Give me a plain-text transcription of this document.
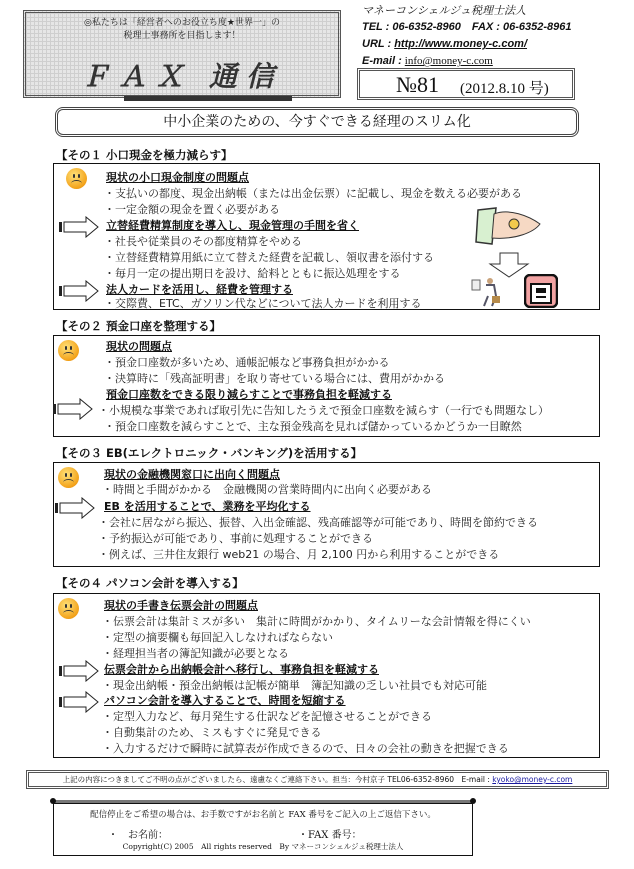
◎私たちは「経営者へのお役立ち度★世界一」の
税理士事務所を目指します！
ＦＡＸ 通信
マネーコンシェルジュ税理士法人
TEL : 06-6352-8960　FAX : 06-6352-8961
URL : http://www.money-c.com/
E-mail : info@money-c.com
№81 (2012.8.10 号)
中小企業のための、今すぐできる経理のスリム化
【その１ 小口現金を極力減らす】
現状の小口現金制度の問題点
・支払いの都度、現金出納帳（または出金伝票）に記載し、現金を数える必要がある
・一定金額の現金を置く必要がある
立替経費精算制度を導入し、現金管理の手間を省く
・社長や従業員のその都度精算をやめる
・立替経費精算用紙に立て替えた経費を記載し、領収書を添付する
・毎月一定の提出期日を設け、給料とともに振込処理をする
法人カードを活用し、経費を管理する
・交際費、ETC、ガソリン代などについて法人カードを利用する
【その２ 預金口座を整理する】
現状の問題点
・預金口座数が多いため、通帳記帳など事務負担がかかる
・決算時に「残高証明書」を取り寄せている場合には、費用がかかる
預金口座数をできる限り減らすことで事務負担を軽減する
・小規模な事業であれば取引先に告知したうえで預金口座数を減らす（一行でも問題なし）
・預金口座数を減らすことで、主な預金残高を見れば儲かっているかどうか一目瞭然
【その３ EB(エレクトロニック・バンキング)を活用する】
現状の金融機関窓口に出向く問題点
・時間と手間がかかる　金融機関の営業時間内に出向く必要がある
EB を活用することで、業務を平均化する
・会社に居ながら振込、振替、入出金確認、残高確認等が可能であり、時間を節約できる
・予約振込が可能であり、事前に処理することができる
・例えば、三井住友銀行 web21 の場合、月 2,100 円から利用することができる
【その４ パソコン会計を導入する】
現状の手書き伝票会計の問題点
・伝票会計は集計ミスが多い　集計に時間がかかり、タイムリーな会計情報を得にくい
・定型の摘要欄も毎回記入しなければならない
・経理担当者の簿記知識が必要となる
伝票会計から出納帳会計へ移行し、事務負担を軽減する
・現金出納帳・預金出納帳は記帳が簡単　簿記知識の乏しい社員でも対応可能
パソコン会計を導入することで、時間を短縮する
・定型入力など、毎月発生する仕訳などを記憶させることができる
・自動集計のため、ミスもすぐに発見できる
・入力するだけで瞬時に試算表が作成できるので、日々の会社の動きを把握できる
上記の内容につきましてご不明の点がございましたら、遠慮なくご連絡下さい。担当：今村京子 TEL06-6352-8960　E-mail : kyoko@money-c.com
配信停止をご希望の場合は、お手数ですがお名前と FAX 番号をご記入の上ご返信下さい。
・　お名前：	・FAX 番号：
Copyright(C) 2005　All rights reserved　By マネーコンシェルジュ税理士法人
